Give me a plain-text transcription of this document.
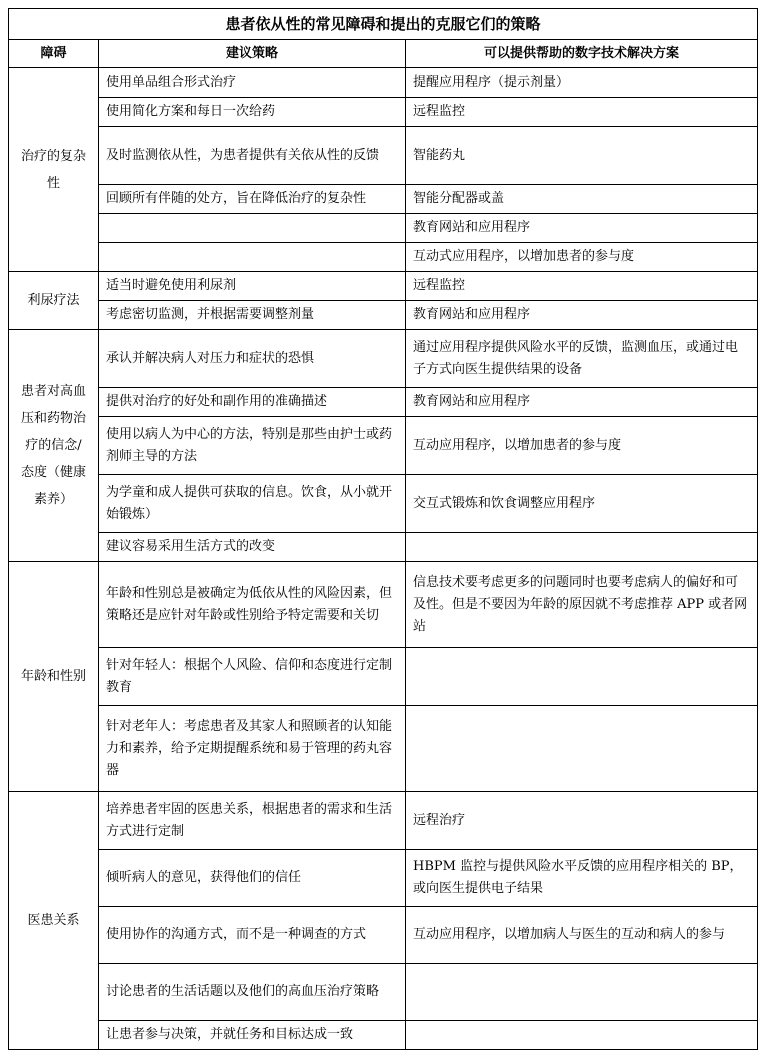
患者依从性的常见障碍和提出的克服它们的策略		
障碍	建议策略	可以提供帮助的数字技术解决方案
治疗的复杂性	使用单品组合形式治疗	提醒应用程序（提示剂量）
	使用简化方案和每日一次给药	远程监控
	及时监测依从性，为患者提供有关依从性的反馈	智能药丸
	回顾所有伴随的处方，旨在降低治疗的复杂性	智能分配器或盖
		教育网站和应用程序
		互动式应用程序，以增加患者的参与度
利尿疗法	适当时避免使用利尿剂	远程监控
	考虑密切监测，并根据需要调整剂量	教育网站和应用程序
患者对高血压和药物治疗的信念/态度（健康素养）	承认并解决病人对压力和症状的恐惧	通过应用程序提供风险水平的反馈，监测血压，或通过电子方式向医生提供结果的设备
	提供对治疗的好处和副作用的准确描述	教育网站和应用程序
	使用以病人为中心的方法，特别是那些由护士或药剂师主导的方法	互动应用程序，以增加患者的参与度
	为学童和成人提供可获取的信息。饮食，从小就开始锻炼）	交互式锻炼和饮食调整应用程序
	建议容易采用生活方式的改变	
年龄和性别	年龄和性别总是被确定为低依从性的风险因素，但策略还是应针对年龄或性别给予特定需要和关切	信息技术要考虑更多的问题同时也要考虑病人的偏好和可及性。但是不要因为年龄的原因就不考虑推荐 APP 或者网站
	针对年轻人：根据个人风险、信仰和态度进行定制教育	
	针对老年人：考虑患者及其家人和照顾者的认知能力和素养，给予定期提醒系统和易于管理的药丸容器	
医患关系	培养患者牢固的医患关系，根据患者的需求和生活方式进行定制	远程治疗
	倾听病人的意见，获得他们的信任	HBPM 监控与提供风险水平反馈的应用程序相关的 BP，或向医生提供电子结果
	使用协作的沟通方式，而不是一种调查的方式	互动应用程序，以增加病人与医生的互动和病人的参与
	讨论患者的生活话题以及他们的高血压治疗策略	
	让患者参与决策，并就任务和目标达成一致	
